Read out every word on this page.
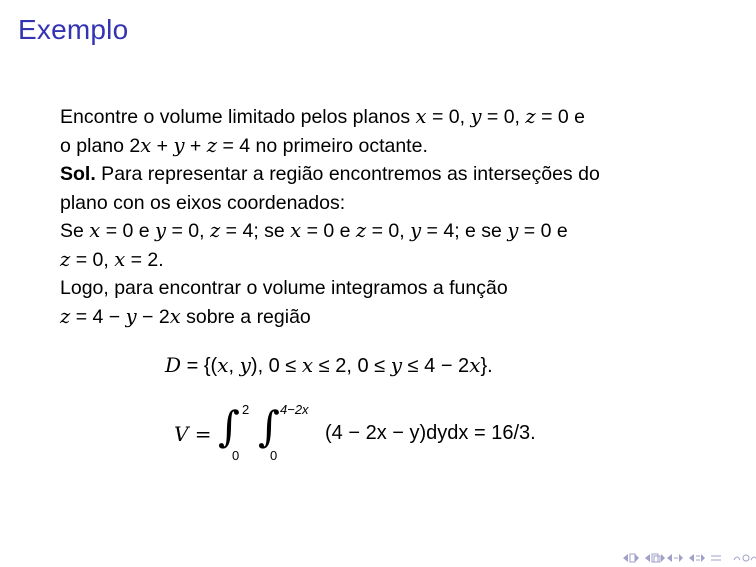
Exemplo
Encontre o volume limitado pelos planos x = 0, y = 0, z = 0 e
o plano 2x + y + z = 4 no primeiro octante.
Sol. Para representar a região encontremos as interseções do
plano con os eixos coordenados:
Se x = 0 e y = 0, z = 4; se x = 0 e z = 0, y = 4; e se y = 0 e
z = 0, x = 2.
Logo, para encontrar o volume integramos a função
z = 4 − y − 2x sobre a região
D = {(x, y), 0 ≤ x ≤ 2, 0 ≤ y ≤ 4 − 2x}.
V = ∫ 2
0
∫ 4−2x
0
(4 − 2x − y)dydx = 16/3.
